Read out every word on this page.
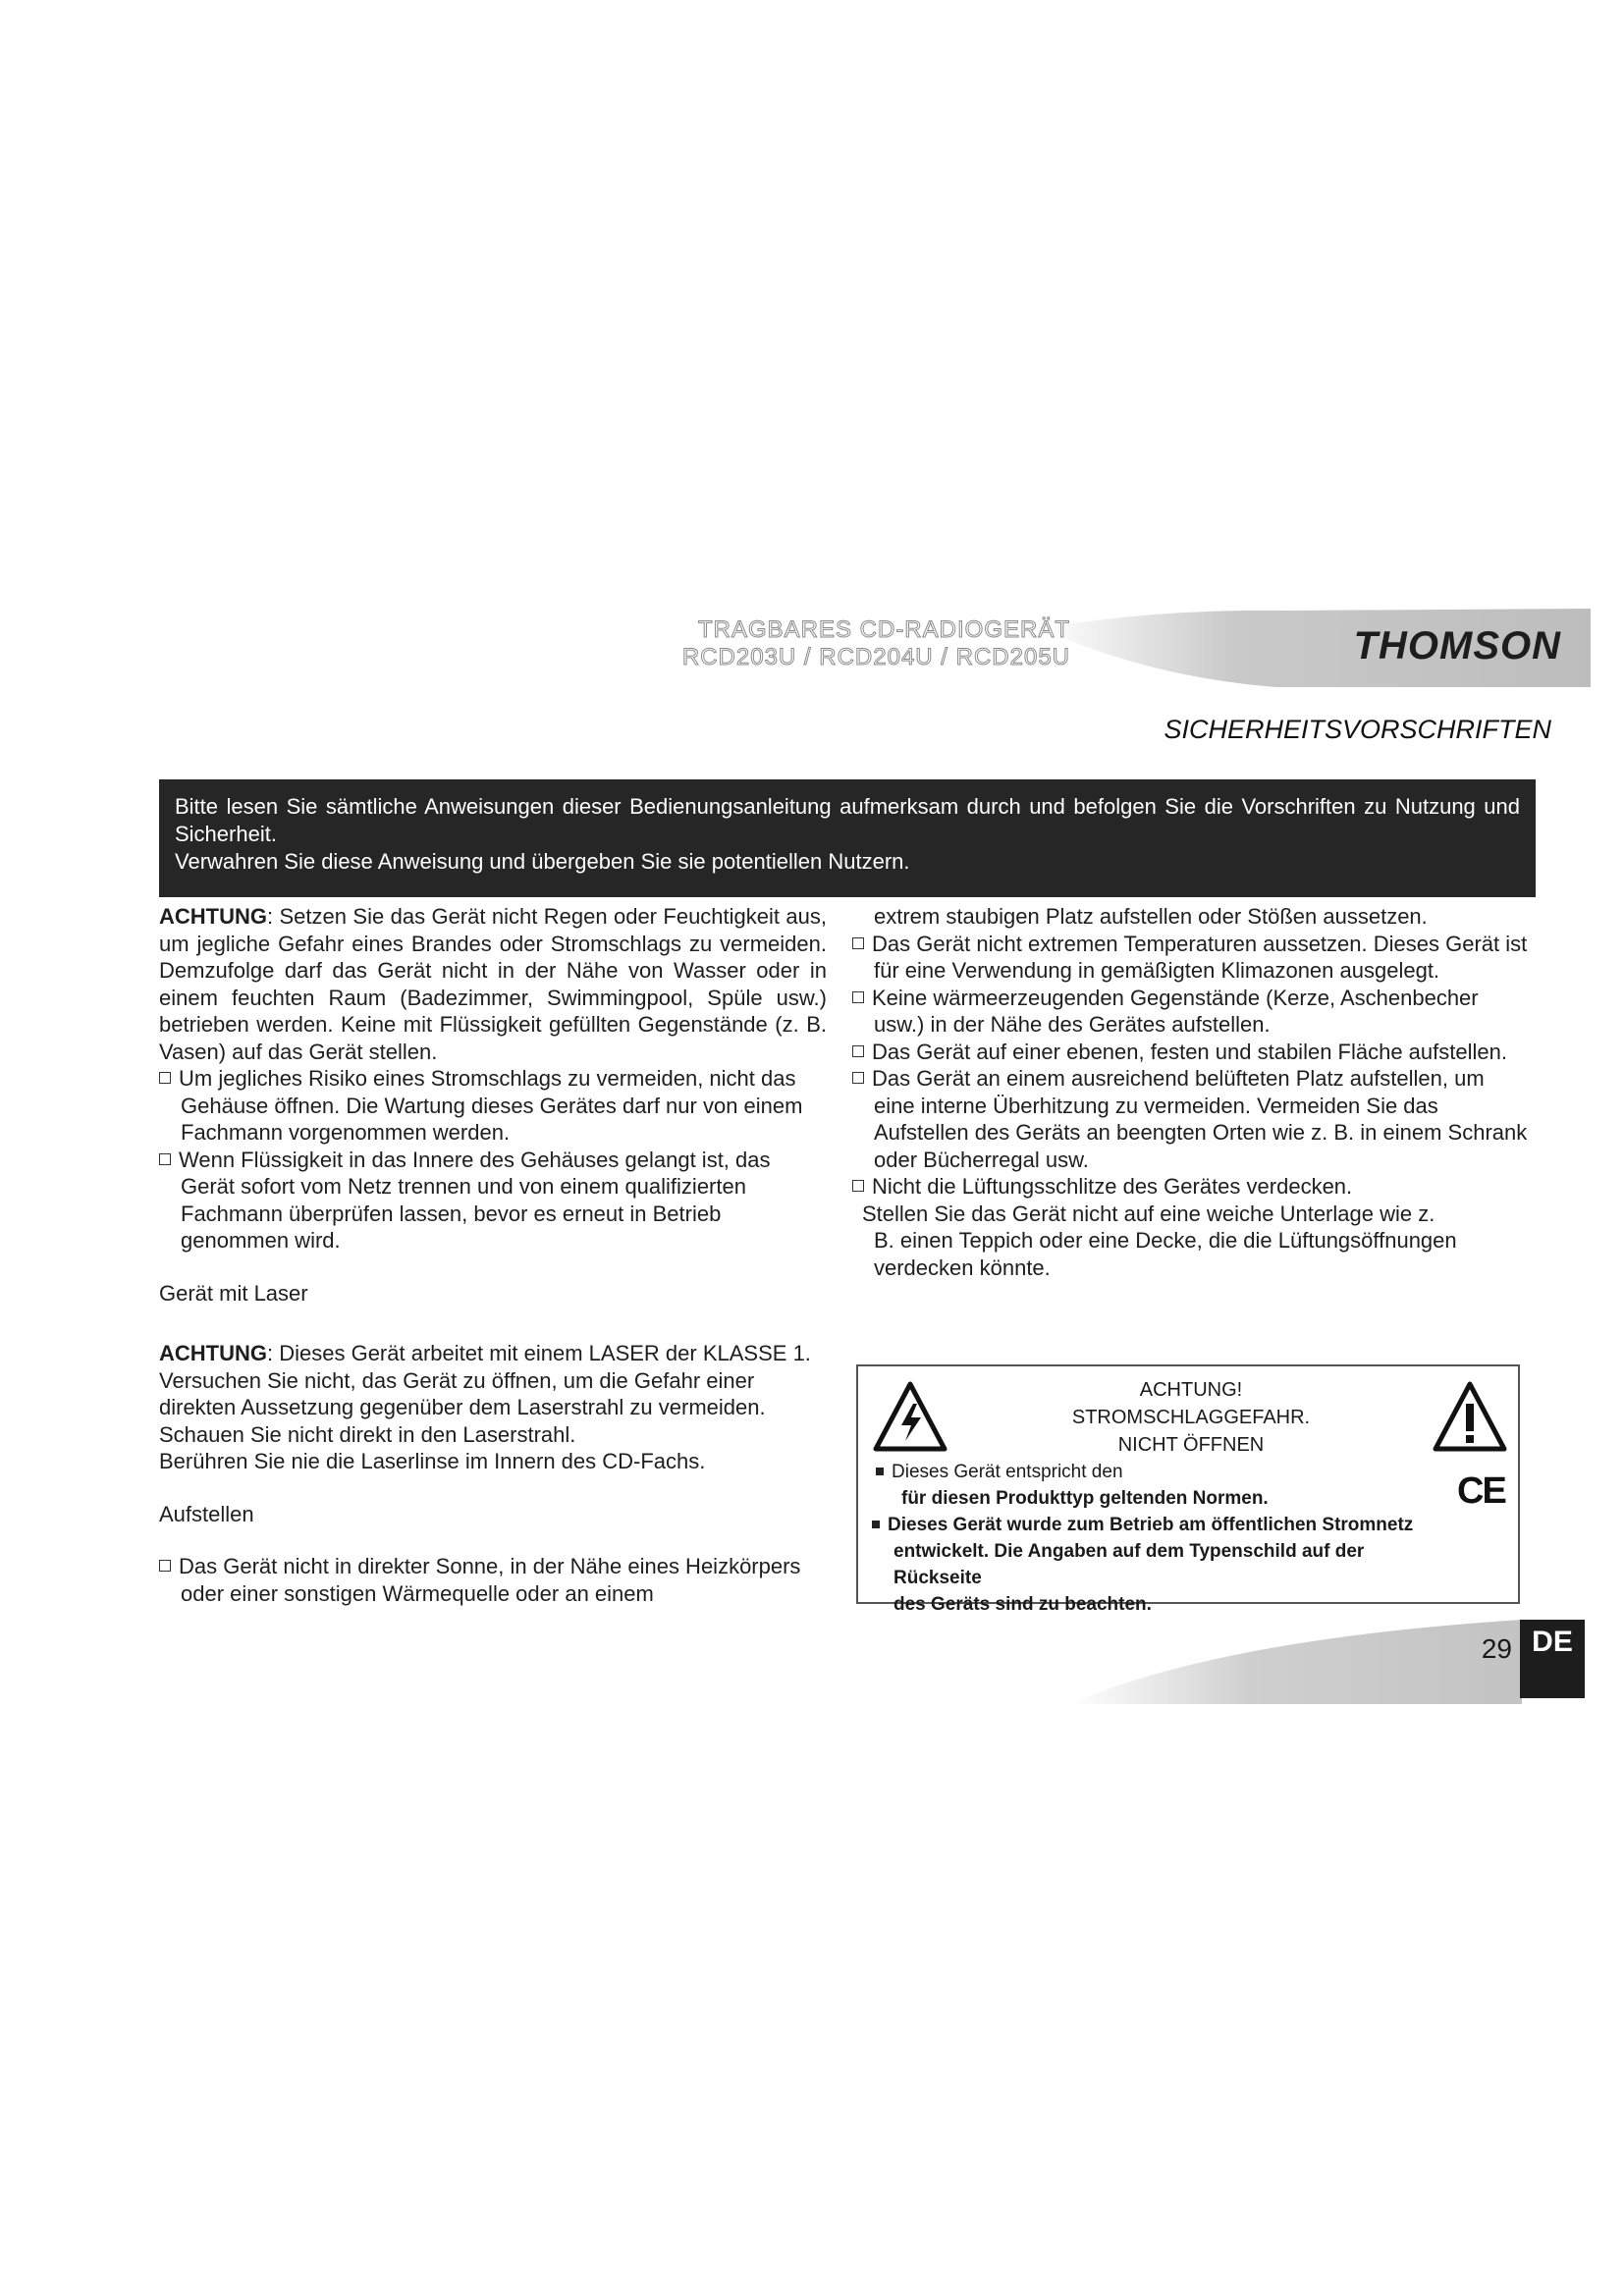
TRAGBARES CD-RADIOGERÄT
RCD203U / RCD204U / RCD205U	THOMSON
SICHERHEITSVORSCHRIFTEN

Bitte lesen Sie sämtliche Anweisungen dieser Bedienungsanleitung aufmerksam durch und befolgen Sie die Vorschriften zu Nutzung und Sicherheit.

Verwahren Sie diese Anweisung und übergeben Sie sie potentiellen Nutzern.

ACHTUNG: Setzen Sie das Gerät nicht Regen oder Feuchtigkeit aus, um jegliche Gefahr eines Brandes oder Stromschlags zu vermeiden. Demzufolge darf das Gerät nicht in der Nähe von Wasser oder in einem feuchten Raum (Badezimmer, Swimmingpool, Spüle usw.) betrieben werden. Keine mit Flüssigkeit gefüllten Gegenstände (z. B. Vasen) auf das Gerät stellen.

Um jegliches Risiko eines Stromschlags zu vermeiden, nicht das Gehäuse öffnen. Die Wartung dieses Gerätes darf nur von einem Fachmann vorgenommen werden.

Wenn Flüssigkeit in das Innere des Gehäuses gelangt ist, das Gerät sofort vom Netz trennen und von einem qualifizierten Fachmann überprüfen lassen, bevor es erneut in Betrieb genommen wird.

Gerät mit Laser

ACHTUNG: Dieses Gerät arbeitet mit einem LASER der KLASSE 1. Versuchen Sie nicht, das Gerät zu öffnen, um die Gefahr einer direkten Aussetzung gegenüber dem Laserstrahl zu vermeiden. Schauen Sie nicht direkt in den Laserstrahl.

Berühren Sie nie die Laserlinse im Innern des CD-Fachs.

Aufstellen

Das Gerät nicht in direkter Sonne, in der Nähe eines Heizkörpers oder einer sonstigen Wärmequelle oder an einem

extrem staubigen Platz aufstellen oder Stößen aussetzen.

Das Gerät nicht extremen Temperaturen aussetzen. Dieses Gerät ist für eine Verwendung in gemäßigten Klimazonen ausgelegt.

Keine wärmeerzeugenden Gegenstände (Kerze, Aschenbecher usw.) in der Nähe des Gerätes aufstellen.

Das Gerät auf einer ebenen, festen und stabilen Fläche aufstellen.

Das Gerät an einem ausreichend belüfteten Platz aufstellen, um eine interne Überhitzung zu vermeiden. Vermeiden Sie das Aufstellen des Geräts an beengten Orten wie z. B. in einem Schrank oder Bücherregal usw.

Nicht die Lüftungsschlitze des Gerätes verdecken.

Stellen Sie das Gerät nicht auf eine weiche Unterlage wie z.

B. einen Teppich oder eine Decke, die die Lüftungsöffnungen verdecken könnte.

ACHTUNG!
STROMSCHLAGGEFAHR.
NICHT ÖFFNEN

Dieses Gerät entspricht den

für diesen Produkttyp geltenden Normen.

Dieses Gerät wurde zum Betrieb am öffentlichen Stromnetz

entwickelt. Die Angaben auf dem Typenschild auf der Rückseite

des Geräts sind zu beachten.

CE
29 DE
